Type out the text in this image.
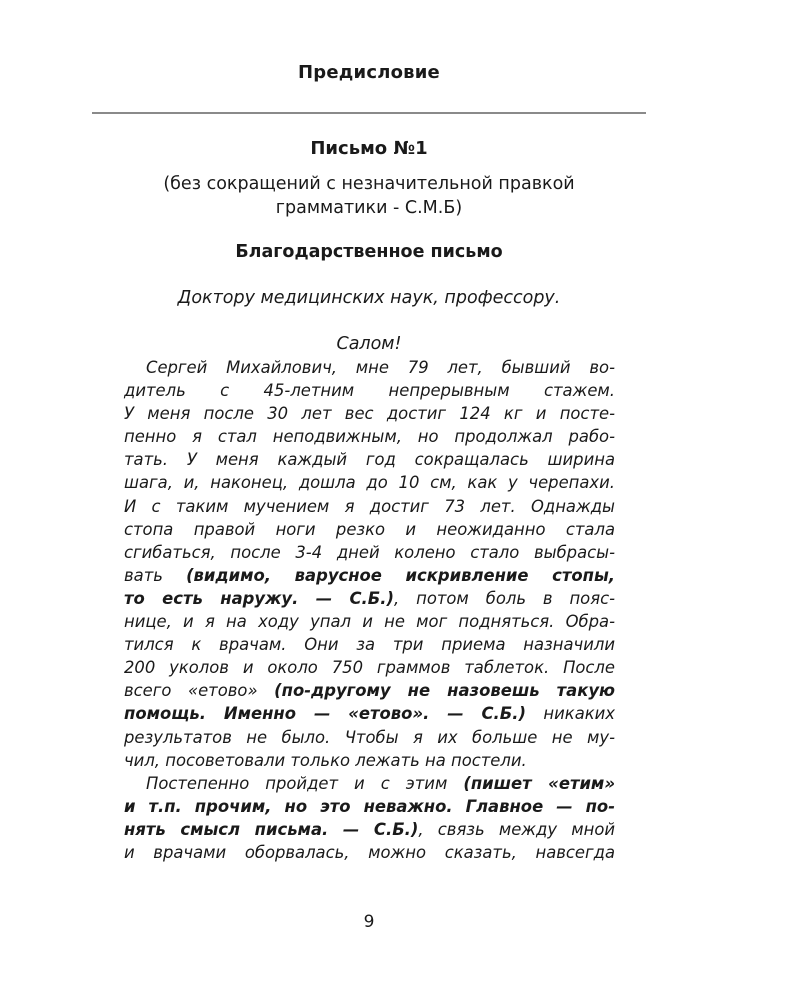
Предисловие
Письмо №1
(без сокращений с незначительной правкой
грамматики - С.М.Б)
Благодарственное письмо
Доктору медицинских наук, профессору.
Салом!
Сергей Михайлович, мне 79 лет, бывший во-
дитель с 45-летним непрерывным стажем.
У меня после 30 лет вес достиг 124 кг и посте-
пенно я стал неподвижным, но продолжал рабо-
тать. У меня каждый год сокращалась ширина
шага, и, наконец, дошла до 10 см, как у черепахи.
И с таким мучением я достиг 73 лет. Однажды
стопа правой ноги резко и неожиданно стала
сгибаться, после 3-4 дней колено стало выбрасы-
вать (видимо, варусное искривление стопы,
то есть наружу. — С.Б.), потом боль в пояс-
нице, и я на ходу упал и не мог подняться. Обра-
тился к врачам. Они за три приема назначили
200 уколов и около 750 граммов таблеток. После
всего «етово» (по-другому не назовешь такую
помощь. Именно — «етово». — С.Б.) никаких
результатов не было. Чтобы я их больше не му-
чил, посоветовали только лежать на постели.
Постепенно пройдет и с этим (пишет «етим»
и т.п. прочим, но это неважно. Главное — по-
нять смысл письма. — С.Б.), связь между мной
и врачами оборвалась, можно сказать, навсегда
9
